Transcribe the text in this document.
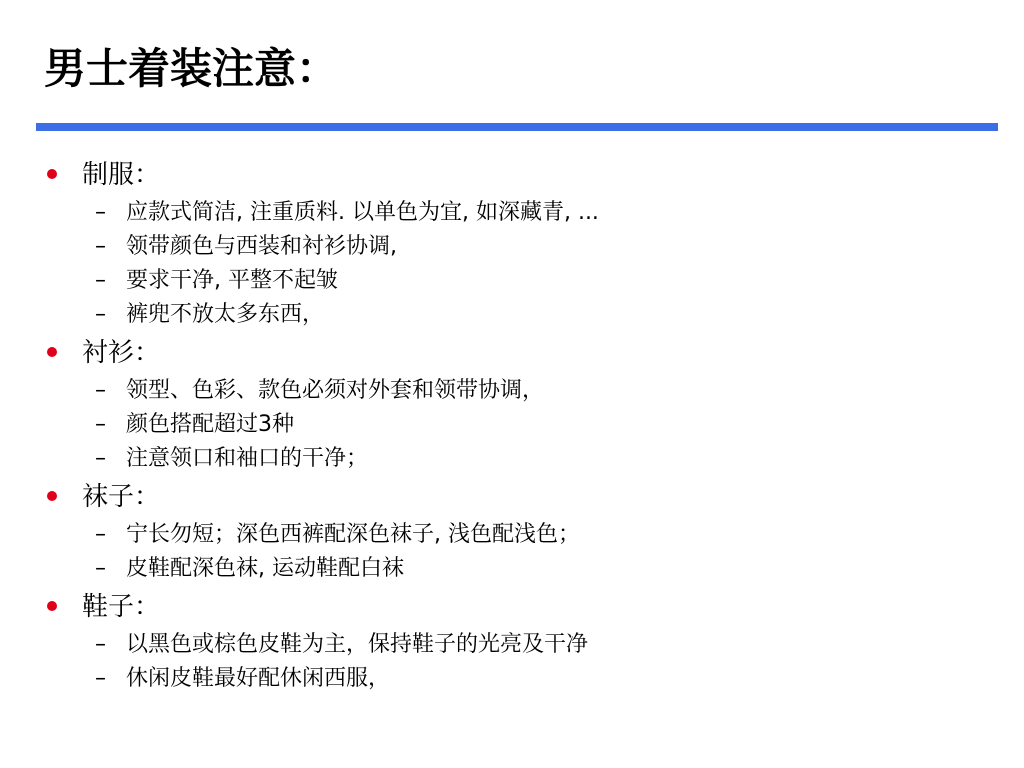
男士着装注意：
制服：
– 应款式简洁, 注重质料. 以单色为宜, 如深藏青, ...
– 领带颜色与西装和衬衫协调,
– 要求干净, 平整不起皱
– 裤兜不放太多东西，
衬衫：
– 领型、色彩、款色必须对外套和领带协调，
– 颜色搭配超过3种
– 注意领口和袖口的干净；
袜子：
– 宁长勿短；深色西裤配深色袜子, 浅色配浅色；
– 皮鞋配深色袜, 运动鞋配白袜
鞋子：
– 以黑色或棕色皮鞋为主，保持鞋子的光亮及干净
– 休闲皮鞋最好配休闲西服，
